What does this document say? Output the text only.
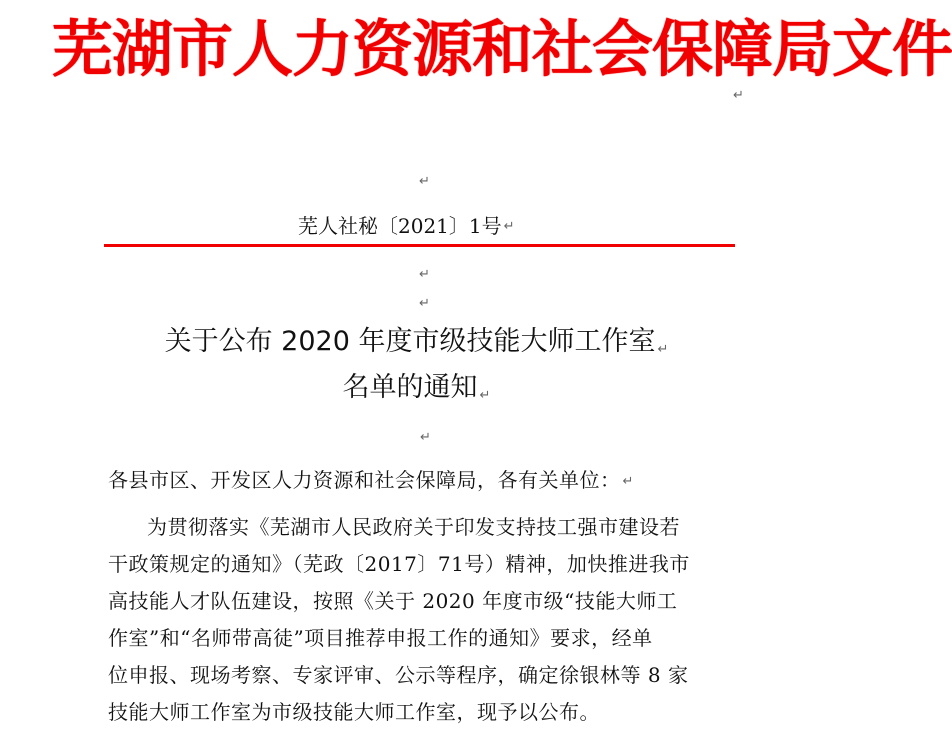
芜湖市人力资源和社会保障局文件
↵
↵
芜人社秘〔2021〕1号 ↵
↵
↵
关于公布 2020 年度市级技能大师工作室 ↵
名单的通知 ↵
↵
各县市区、开发区人力资源和社会保障局，各有关单位： ↵
为贯彻落实《芜湖市人民政府关于印发支持技工强市建设若
干政策规定的通知》（芜政〔2017〕71号）精神，加快推进我市
高技能人才队伍建设，按照《关于 2020 年度市级“技能大师工
作室”和“名师带高徒”项目推荐申报工作的通知》要求，经单
位申报、现场考察、专家评审、公示等程序，确定徐银林等 8 家
技能大师工作室为市级技能大师工作室，现予以公布。
